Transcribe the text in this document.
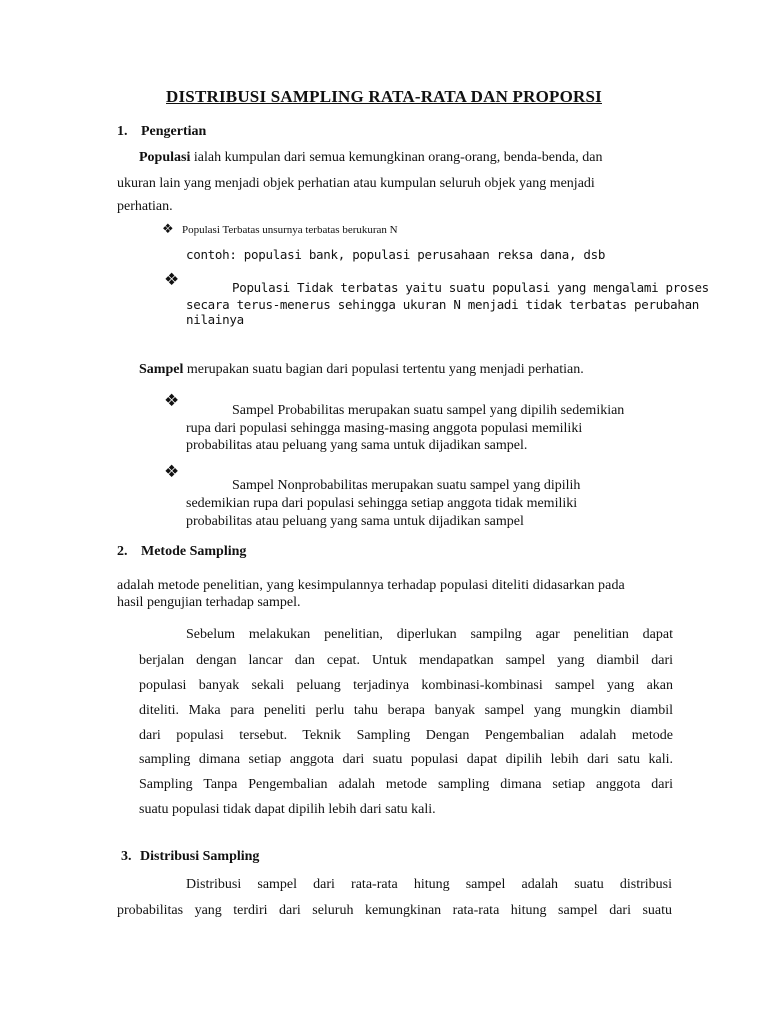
DISTRIBUSI SAMPLING RATA-RATA DAN PROPORSI
1. Pengertian
Populasi ialah kumpulan dari semua kemungkinan orang-orang, benda-benda, dan
ukuran lain yang menjadi objek perhatian atau kumpulan seluruh objek yang menjadi
perhatian.
❖ Populasi Terbatas unsurnya terbatas berukuran N
contoh: populasi bank, populasi perusahaan reksa dana, dsb
❖	Populasi Tidak terbatas yaitu suatu populasi yang mengalami proses
secara terus-menerus sehingga ukuran N menjadi tidak terbatas perubahan
nilainya
Sampel merupakan suatu bagian dari populasi tertentu yang menjadi perhatian.
❖	Sampel Probabilitas merupakan suatu sampel yang dipilih sedemikian
rupa dari populasi sehingga masing-masing anggota populasi memiliki
probabilitas atau peluang yang sama untuk dijadikan sampel.
❖
Sampel Nonprobabilitas merupakan suatu sampel yang dipilih
sedemikian rupa dari populasi sehingga setiap anggota tidak memiliki
probabilitas atau peluang yang sama untuk dijadikan sampel
2. Metode Sampling
adalah metode penelitian, yang kesimpulannya terhadap populasi diteliti didasarkan pada
hasil pengujian terhadap sampel.
Sebelum melakukan penelitian, diperlukan sampilng agar penelitian dapat
berjalan dengan lancar dan cepat. Untuk mendapatkan sampel yang diambil dari
populasi banyak sekali peluang terjadinya kombinasi-kombinasi sampel yang akan
diteliti. Maka para peneliti perlu tahu berapa banyak sampel yang mungkin diambil
dari populasi tersebut. Teknik Sampling Dengan Pengembalian adalah metode
sampling dimana setiap anggota dari suatu populasi dapat dipilih lebih dari satu kali.
Sampling Tanpa Pengembalian adalah metode sampling dimana setiap anggota dari
suatu populasi tidak dapat dipilih lebih dari satu kali.
3. Distribusi Sampling
Distribusi sampel dari rata-rata hitung sampel adalah suatu distribusi
probabilitas yang terdiri dari seluruh kemungkinan rata-rata hitung sampel dari suatu
